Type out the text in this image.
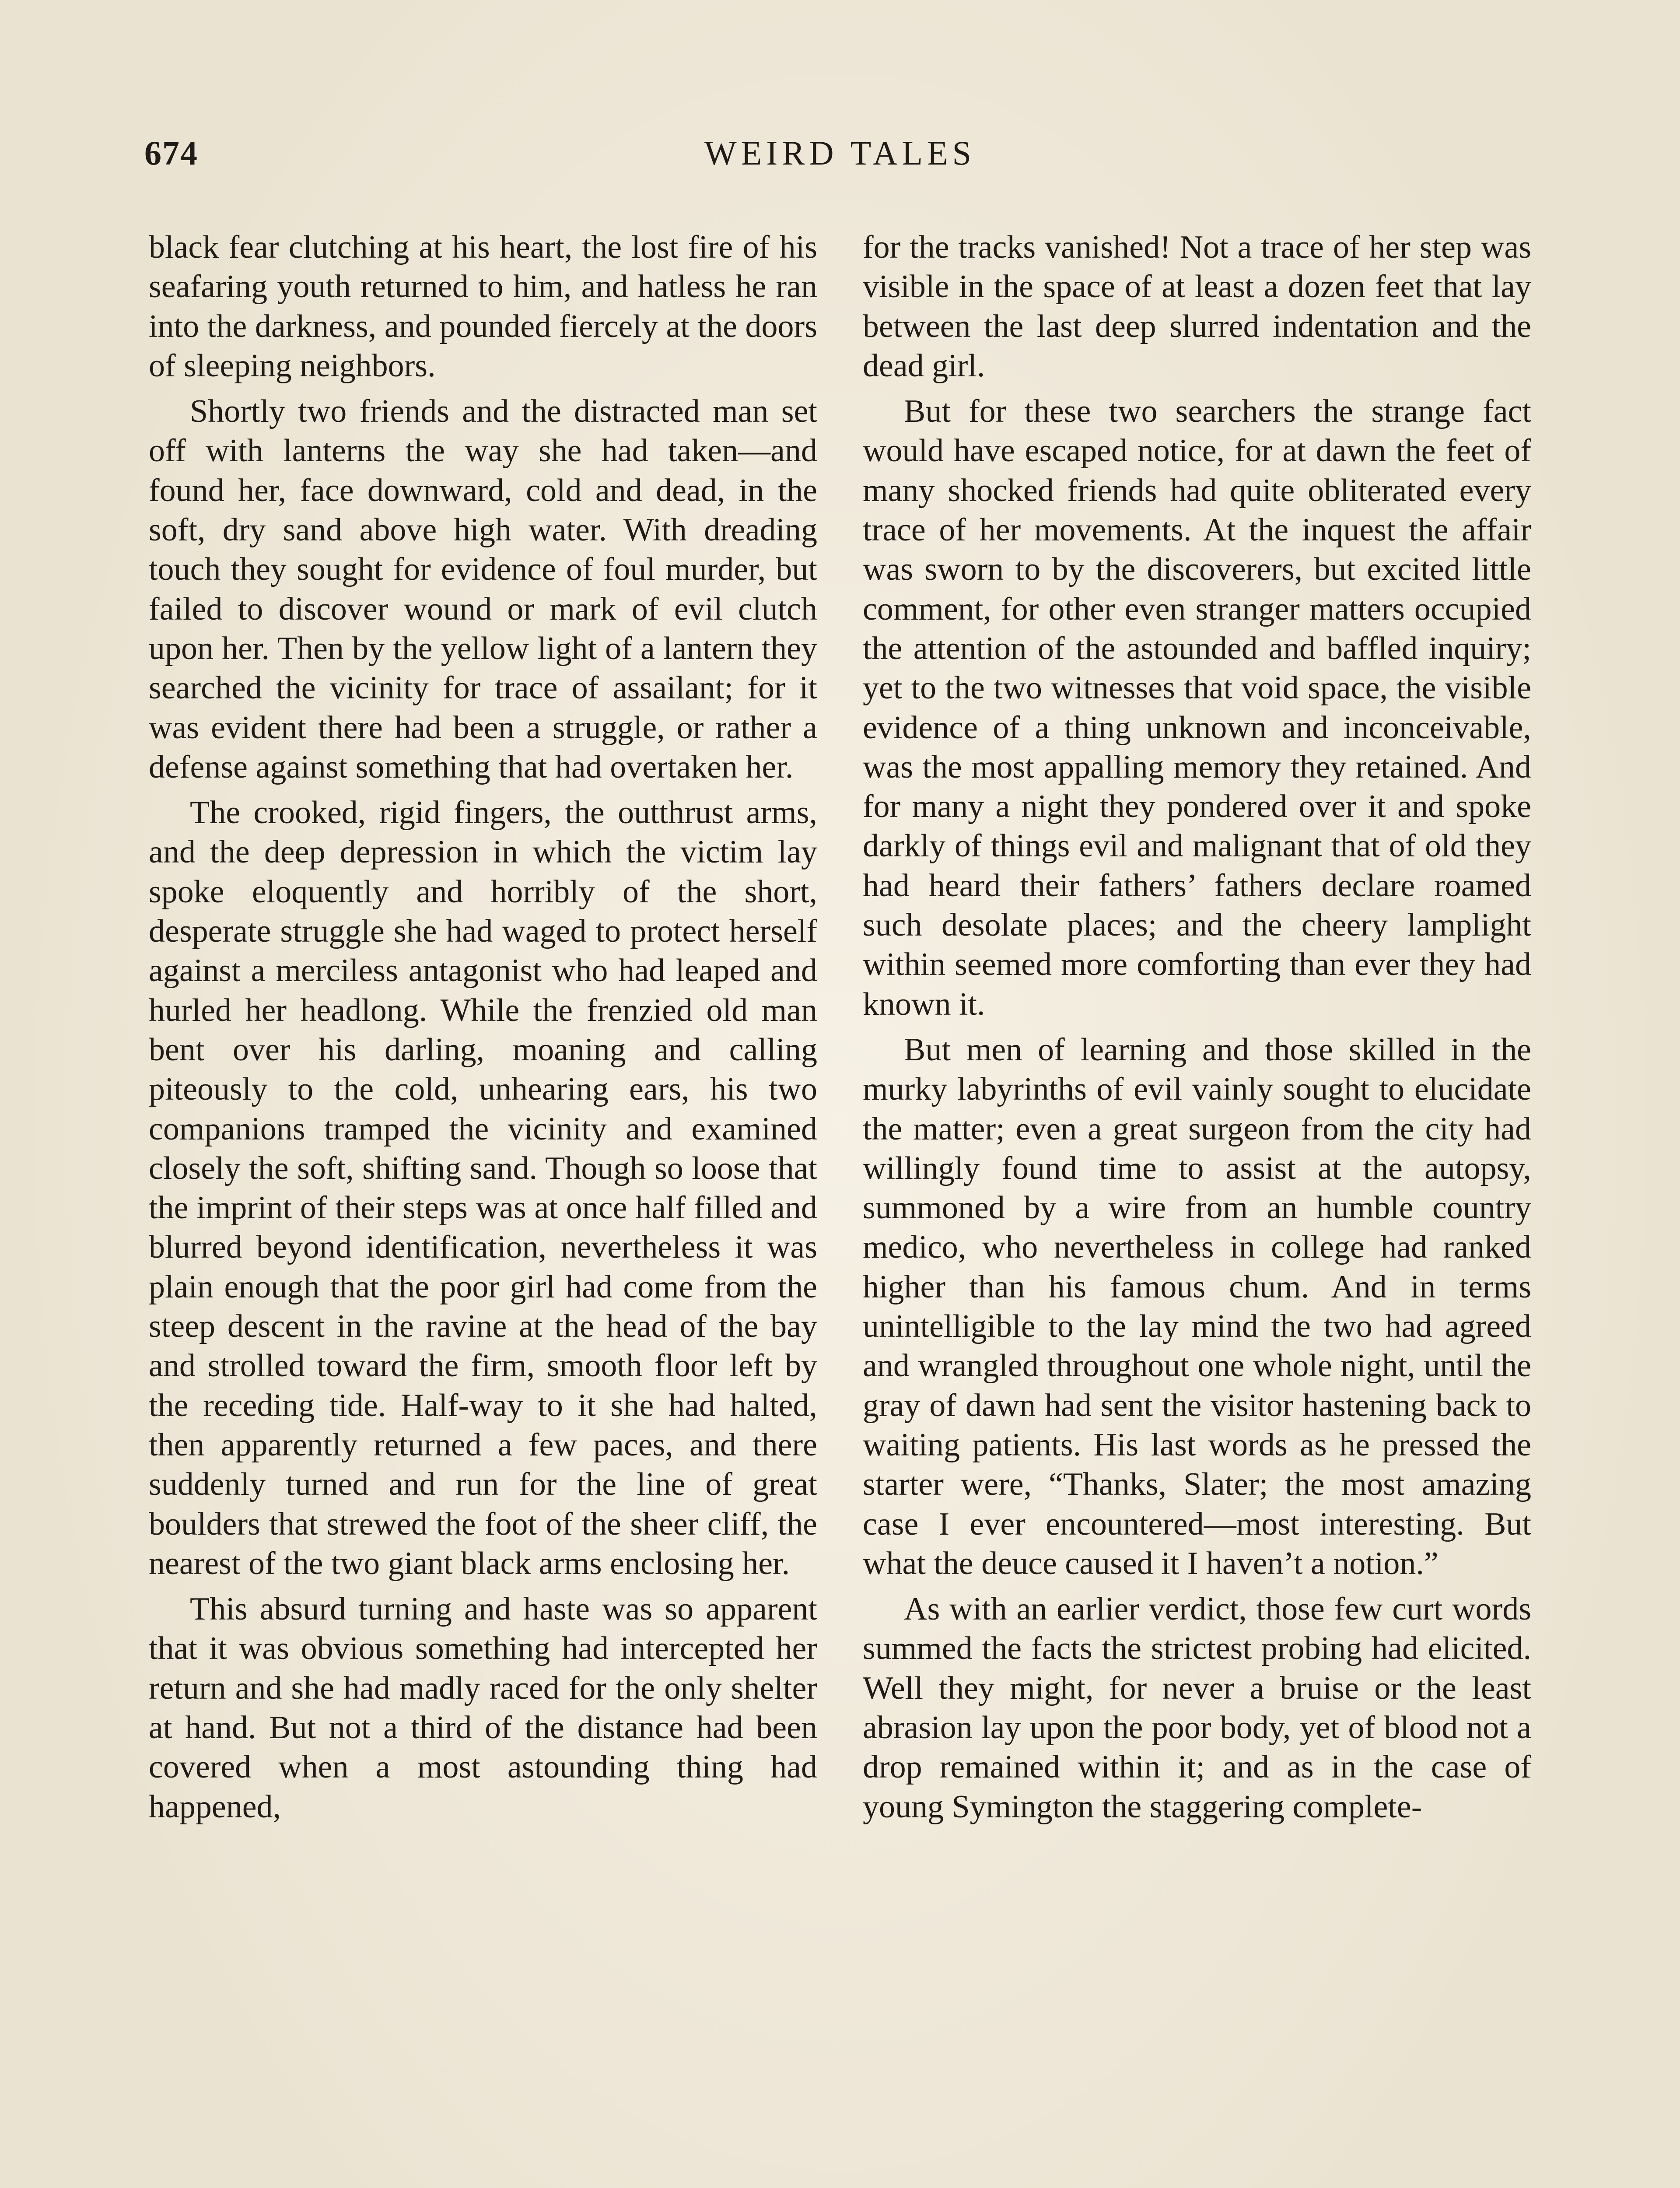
674	WEIRD TALES

black fear clutching at his heart, the lost fire of his seafaring youth returned to him, and hatless he ran into the darkness, and pounded fiercely at the doors of sleeping neighbors.

Shortly two friends and the distracted man set off with lanterns the way she had taken—and found her, face downward, cold and dead, in the soft, dry sand above high water. With dreading touch they sought for evidence of foul murder, but failed to discover wound or mark of evil clutch upon her. Then by the yellow light of a lantern they searched the vicinity for trace of assailant; for it was evident there had been a struggle, or rather a defense against something that had overtaken her.

The crooked, rigid fingers, the outthrust arms, and the deep depression in which the victim lay spoke eloquently and horribly of the short, desperate struggle she had waged to protect herself against a merciless antagonist who had leaped and hurled her headlong. While the frenzied old man bent over his darling, moaning and calling piteously to the cold, unhearing ears, his two companions tramped the vicinity and examined closely the soft, shifting sand. Though so loose that the imprint of their steps was at once half filled and blurred beyond identification, nevertheless it was plain enough that the poor girl had come from the steep descent in the ravine at the head of the bay and strolled toward the firm, smooth floor left by the receding tide. Half-way to it she had halted, then apparently returned a few paces, and there suddenly turned and run for the line of great boulders that strewed the foot of the sheer cliff, the nearest of the two giant black arms enclosing her.

This absurd turning and haste was so apparent that it was obvious something had intercepted her return and she had madly raced for the only shelter at hand. But not a third of the distance had been covered when a most astounding thing had happened,

for the tracks vanished! Not a trace of her step was visible in the space of at least a dozen feet that lay between the last deep slurred indentation and the dead girl.

But for these two searchers the strange fact would have escaped notice, for at dawn the feet of many shocked friends had quite obliterated every trace of her movements. At the inquest the affair was sworn to by the discoverers, but excited little comment, for other even stranger matters occupied the attention of the astounded and baffled inquiry; yet to the two witnesses that void space, the visible evidence of a thing unknown and inconceivable, was the most appalling memory they retained. And for many a night they pondered over it and spoke darkly of things evil and malignant that of old they had heard their fathers’ fathers declare roamed such desolate places; and the cheery lamplight within seemed more comforting than ever they had known it.

But men of learning and those skilled in the murky labyrinths of evil vainly sought to elucidate the matter; even a great surgeon from the city had willingly found time to assist at the autopsy, summoned by a wire from an humble country medico, who nevertheless in college had ranked higher than his famous chum. And in terms unintelligible to the lay mind the two had agreed and wrangled throughout one whole night, until the gray of dawn had sent the visitor hastening back to waiting patients. His last words as he pressed the starter were, “Thanks, Slater; the most amazing case I ever encountered—most interesting. But what the deuce caused it I haven’t a notion.”

As with an earlier verdict, those few curt words summed the facts the strictest probing had elicited. Well they might, for never a bruise or the least abrasion lay upon the poor body, yet of blood not a drop remained within it; and as in the case of young Symington the staggering complete-
